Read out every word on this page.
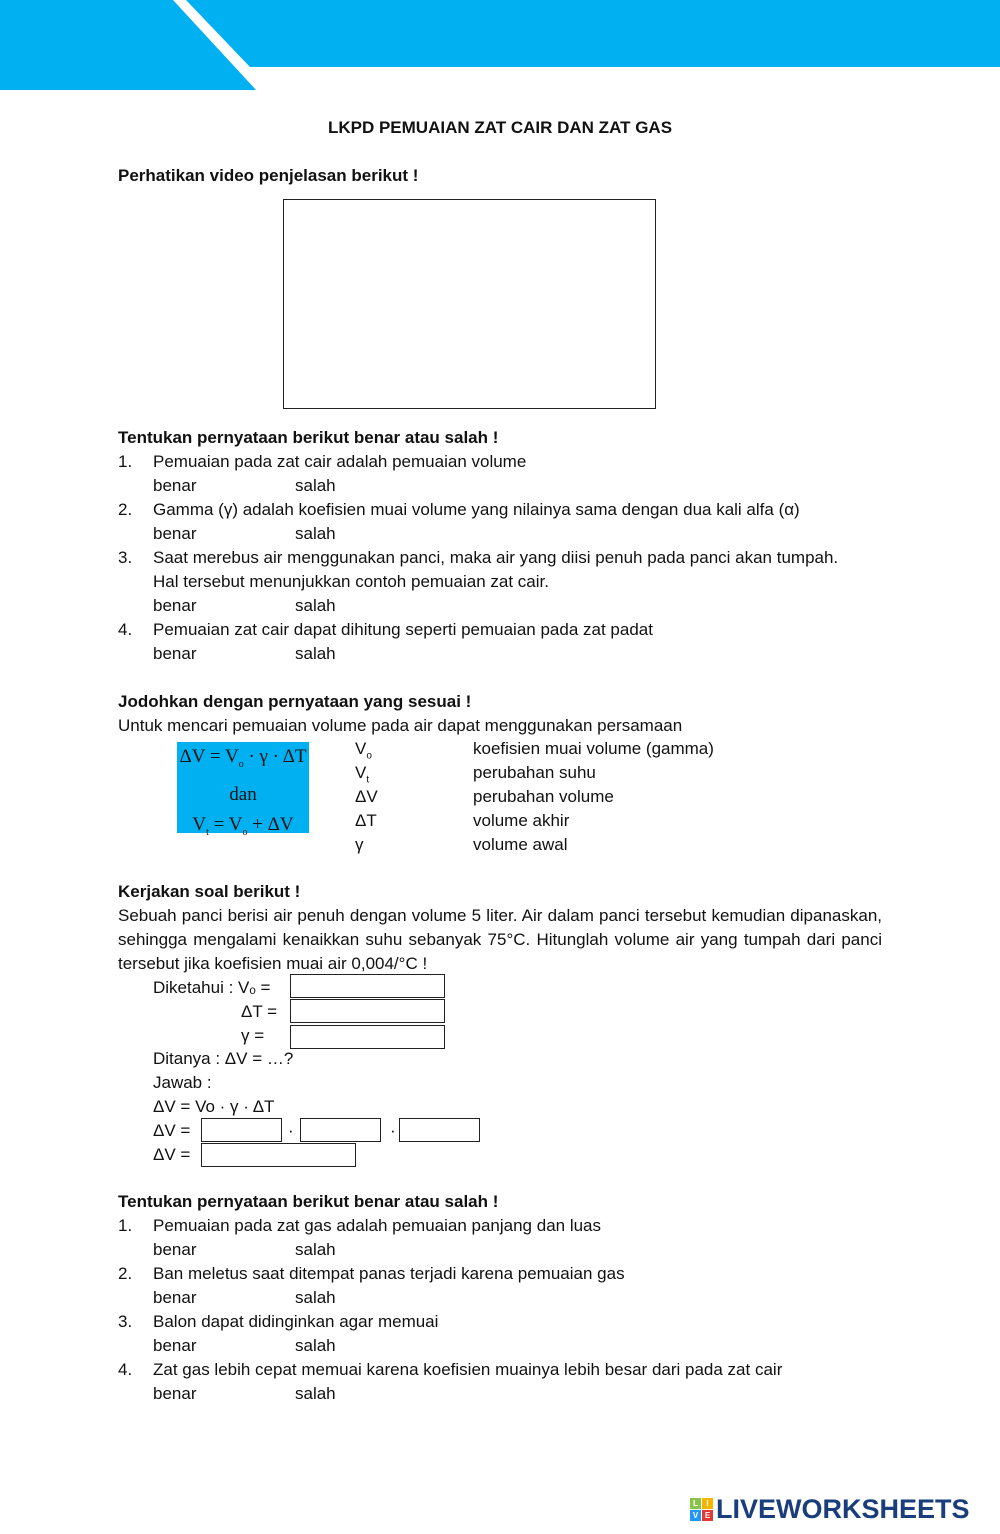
LKPD PEMUAIAN ZAT CAIR DAN ZAT GAS
Perhatikan video penjelasan berikut !
Tentukan pernyataan berikut benar atau salah !
1. Pemuaian pada zat cair adalah pemuaian volume
benar	salah
2. Gamma (γ) adalah koefisien muai volume yang nilainya sama dengan dua kali alfa (α)
benar	salah
3. Saat merebus air menggunakan panci, maka air yang diisi penuh pada panci akan tumpah.
Hal tersebut menunjukkan contoh pemuaian zat cair.
benar	salah
4. Pemuaian zat cair dapat dihitung seperti pemuaian pada zat padat
benar	salah
Jodohkan dengan pernyataan yang sesuai !
Untuk mencari pemuaian volume pada air dapat menggunakan persamaan
$\Delta V = V_o \cdot \gamma \cdot \Delta T$
dan
$V_t = V_o + \Delta V$
$V_o$	koefisien muai volume (gamma)
$V_t$	perubahan suhu
ΔV	perubahan volume
ΔT	volume akhir
γ	volume awal
Kerjakan soal berikut !
Sebuah panci berisi air penuh dengan volume 5 liter. Air dalam panci tersebut kemudian dipanaskan, sehingga mengalami kenaikkan suhu sebanyak 75°C. Hitunglah volume air yang tumpah dari panci tersebut jika koefisien muai air 0,004/°C !
Diketahui : Vₒ =
ΔT =
γ =
Ditanya : ΔV = …?
Jawab :
ΔV = Vo · γ · ΔT
ΔV =	·	·
ΔV =
Tentukan pernyataan berikut benar atau salah !
1. Pemuaian pada zat gas adalah pemuaian panjang dan luas
benar	salah
2. Ban meletus saat ditempat panas terjadi karena pemuaian gas
benar	salah
3. Balon dapat didinginkan agar memuai
benar	salah
4. Zat gas lebih cepat memuai karena koefisien muainya lebih besar dari pada zat cair
benar	salah
L	I
V E LIVEWORKSHEETS
